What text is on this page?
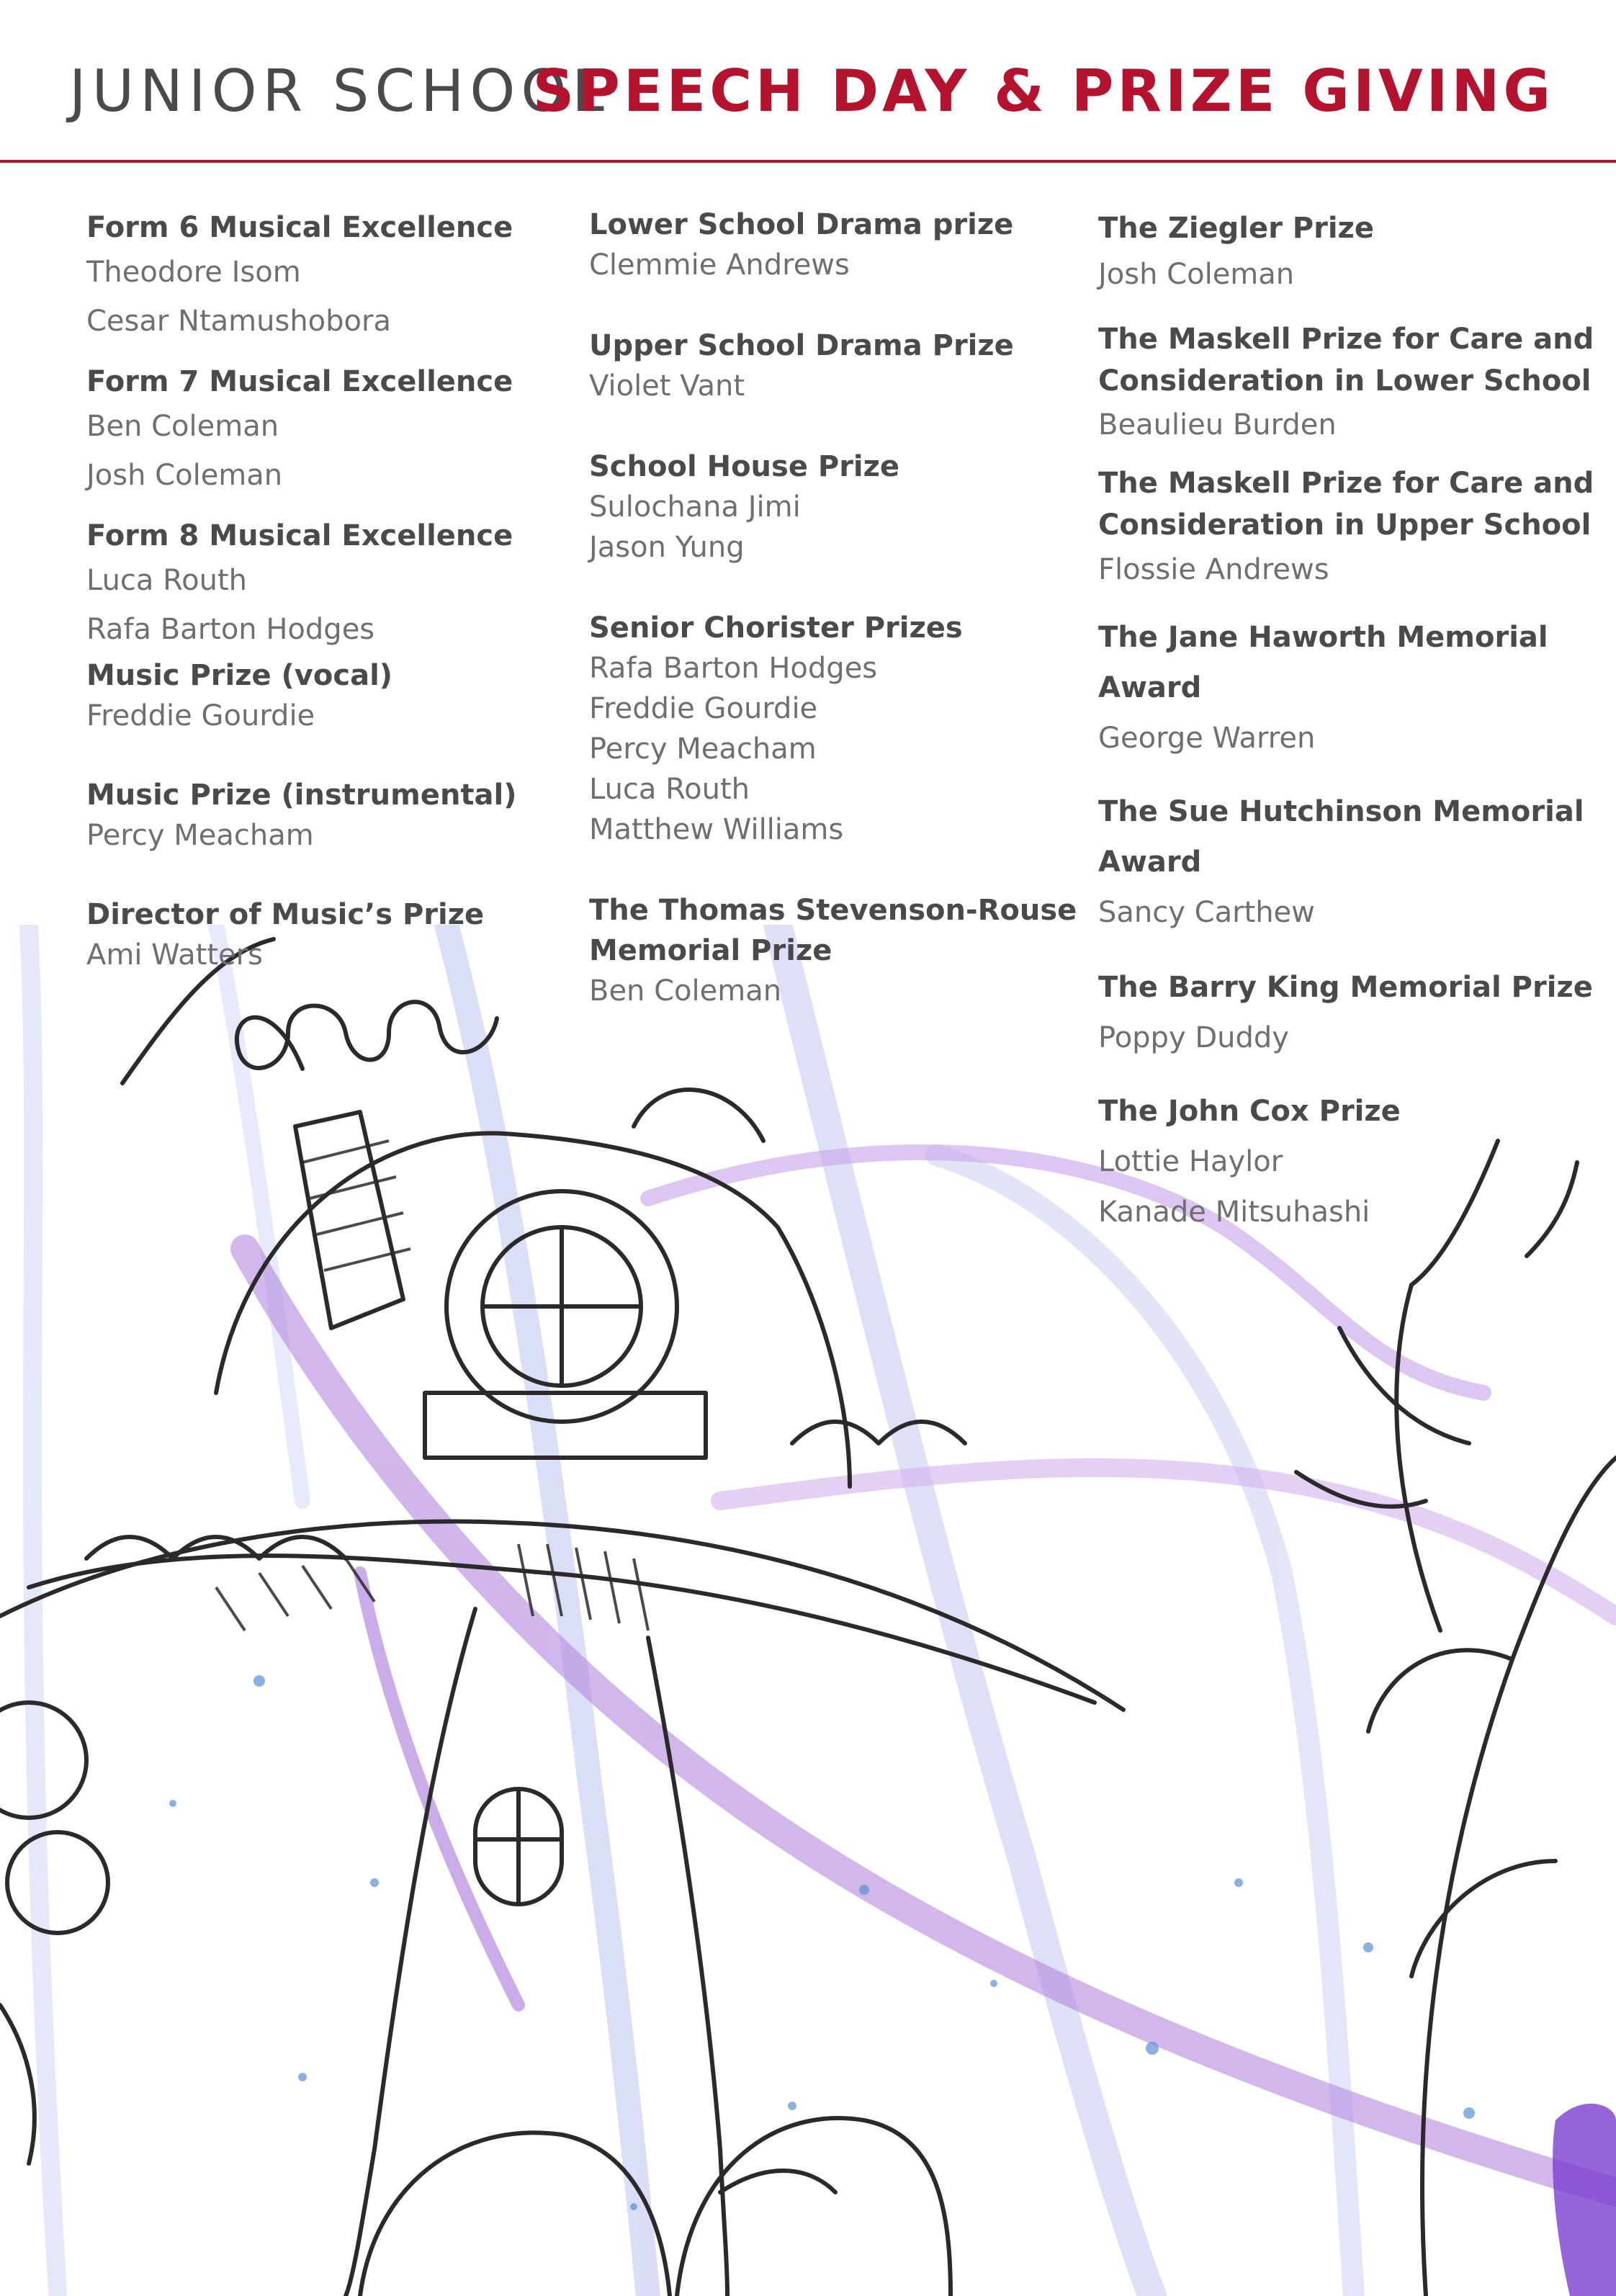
JUNIOR SCHOOL
SPEECH DAY & PRIZE GIVING
Form 6 Musical Excellence
Theodore Isom
Cesar Ntamushobora
Form 7 Musical Excellence
Ben Coleman
Josh Coleman
Form 8 Musical Excellence
Luca Routh
Rafa Barton Hodges
Music Prize (vocal)
Freddie Gourdie
Music Prize (instrumental)
Percy Meacham
Director of Music’s Prize
Ami Watters
Lower School Drama prize
Clemmie Andrews
Upper School Drama Prize
Violet Vant
School House Prize
Sulochana Jimi
Jason Yung
Senior Chorister Prizes
Rafa Barton Hodges
Freddie Gourdie
Percy Meacham
Luca Routh
Matthew Williams
The Thomas Stevenson-Rouse
Memorial Prize
Ben Coleman
The Ziegler Prize
Josh Coleman
The Maskell Prize for Care and
Consideration in Lower School
Beaulieu Burden
The Maskell Prize for Care and
Consideration in Upper School
Flossie Andrews
The Jane Haworth Memorial
Award
George Warren
The Sue Hutchinson Memorial
Award
Sancy Carthew
The Barry King Memorial Prize
Poppy Duddy
The John Cox Prize
Lottie Haylor
Kanade Mitsuhashi
